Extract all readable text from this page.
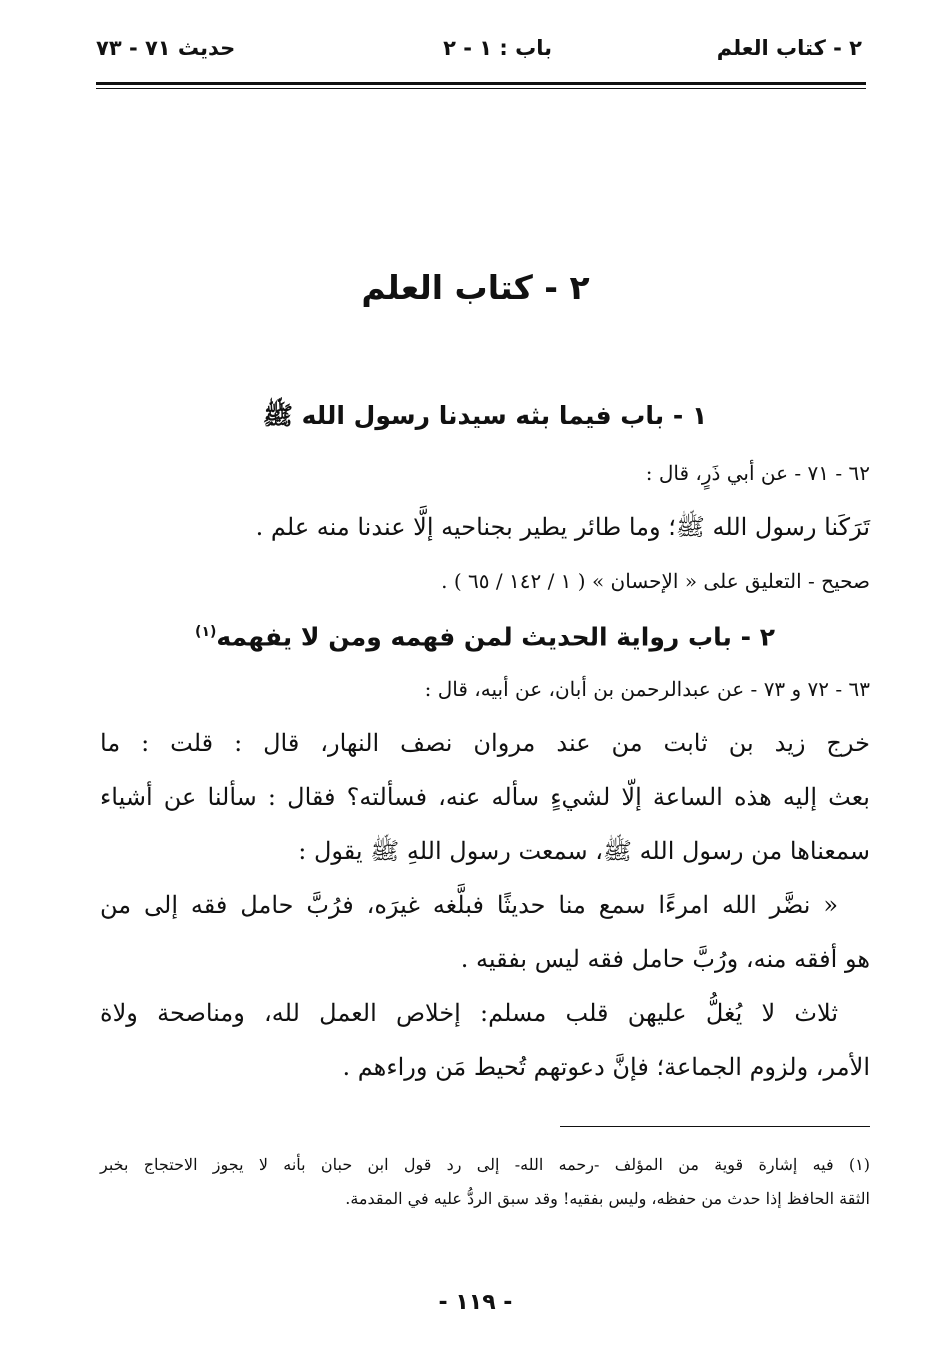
٢ - كتاب العلم
باب : ١ - ٢
حديث ٧١ - ٧٣
٢ - كتاب العلم
١ - باب فيما بثه سيدنا رسول الله ﷺ
٦٢ - ٧١ - عن أبي ذَرٍ، قال :
تَرَكَنا رسول الله ﷺ؛ وما طائر يطير بجناحيه إلَّا عندنا منه علم .
صحيح - التعليق على « الإحسان » ( ١ / ١٤٢ / ٦٥ ) .
٢ - باب رواية الحديث لمن فهمه ومن لا يفهمه$^{(١)}$
٦٣ - ٧٢ و ٧٣ - عن عبدالرحمن بن أبان، عن أبيه، قال :
خرج زيد بن ثابت من عند مروان نصف النهار، قال : قلت : ما
بعث إليه هذه الساعة إلّا لشيءٍ سأله عنه، فسألته؟ فقال : سألنا عن أشياء
سمعناها من رسول الله ﷺ، سمعت رسول اللهِ ﷺ يقول :
« نضَّر الله امرءًا سمع منا حديثًا فبلَّغه غيرَه، فرُبَّ حامل فقه إلى من
هو أفقه منه، ورُبَّ حامل فقه ليس بفقيه .
ثلاث لا يُغلُّ عليهن قلب مسلم: إخلاص العمل لله، ومناصحة ولاة
الأمر، ولزوم الجماعة؛ فإنَّ دعوتهم تُحيط مَن وراءهم .
(١) فيه إشارة قوية من المؤلف -رحمه الله- إلى رد قول ابن حبان بأنه لا يجوز الاحتجاج بخبر
الثقة الحافظ إذا حدث من حفظه، وليس بفقيه! وقد سبق الردُّ عليه في المقدمة.
- ١١٩ -
